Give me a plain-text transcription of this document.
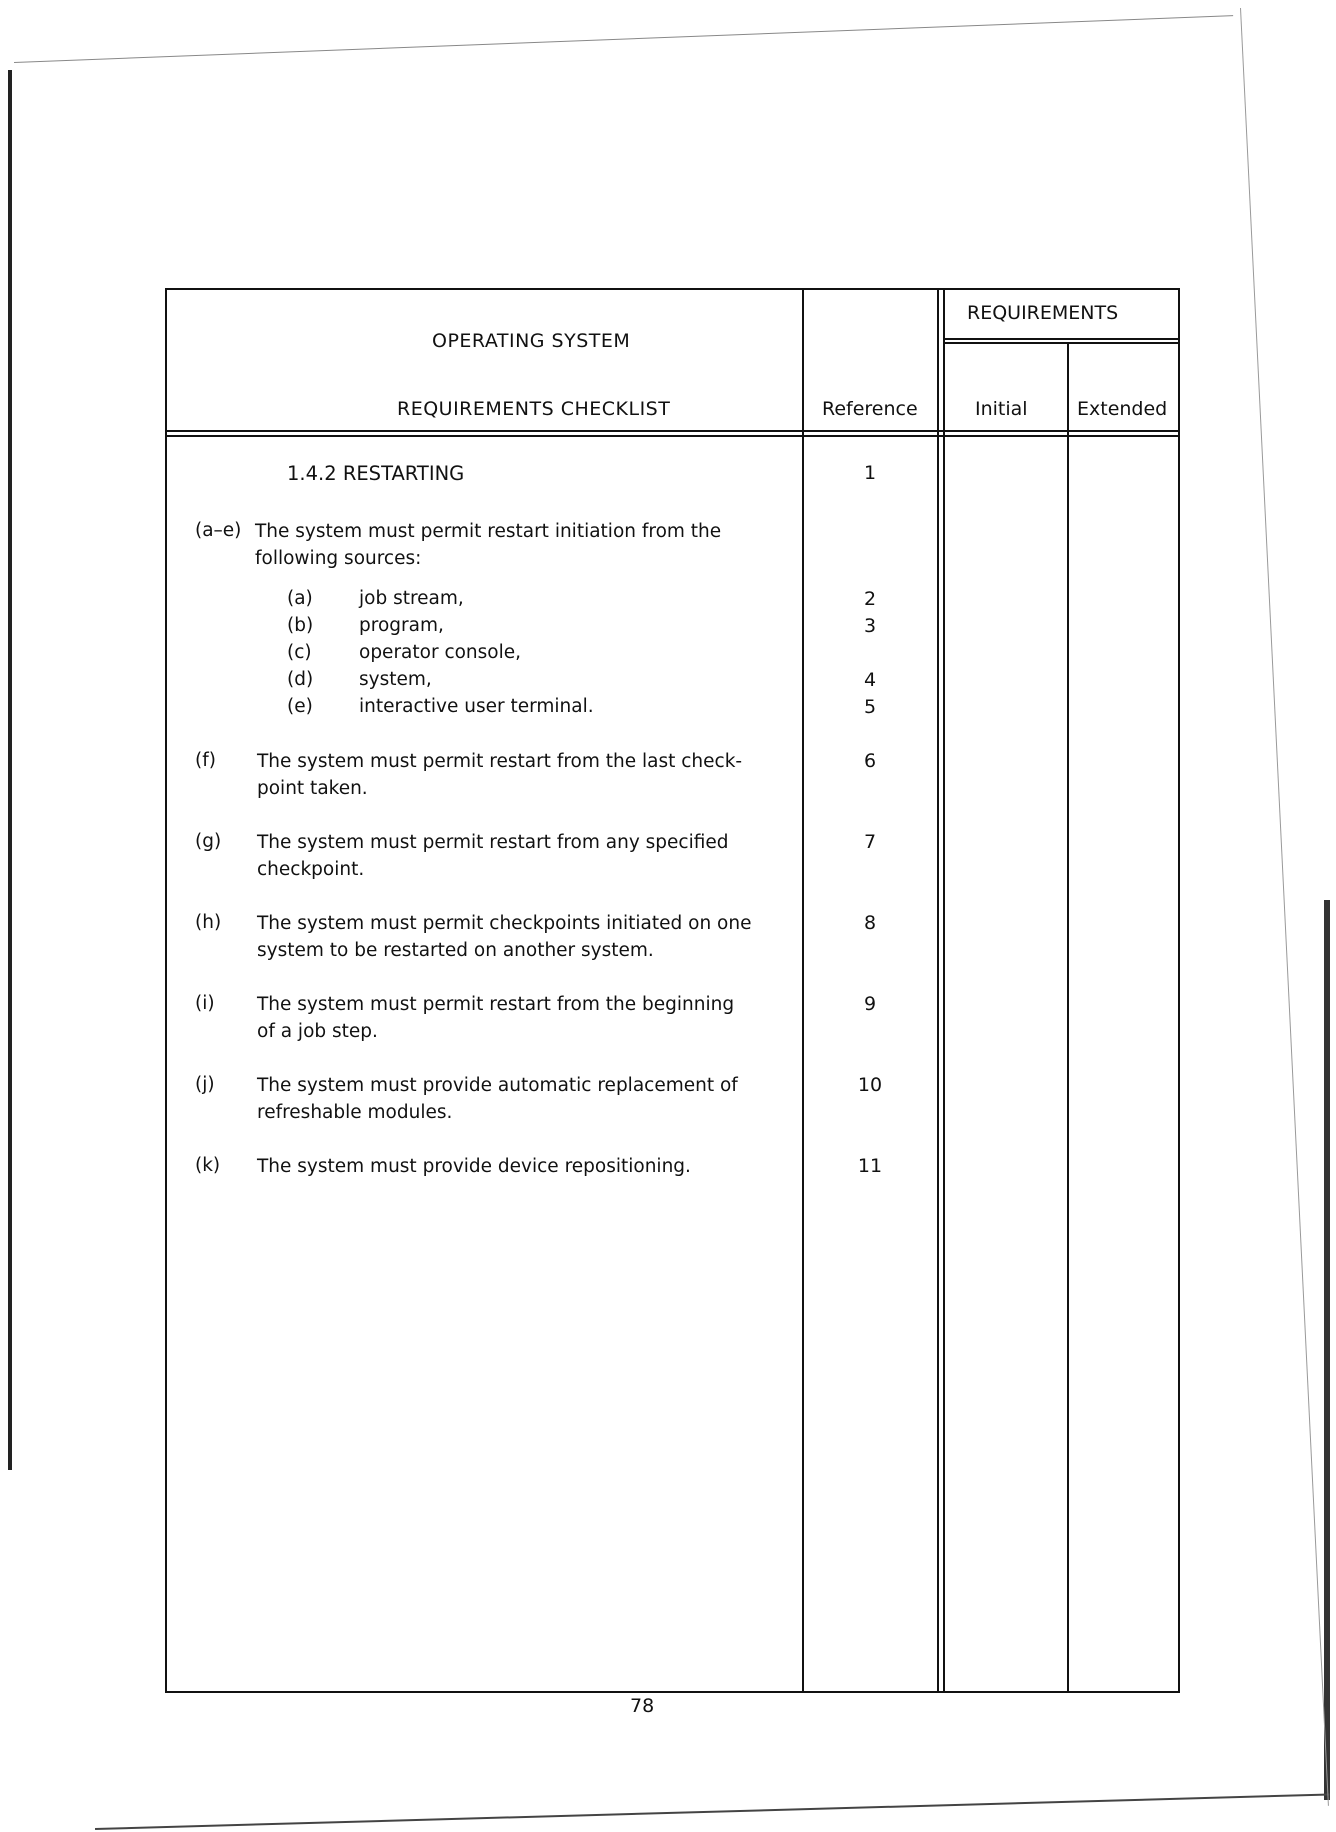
OPERATING SYSTEM
REQUIREMENTS CHECKLIST	Reference
REQUIREMENTS
Initial	Extended
1.4.2 RESTARTING	1
(a–e) The system must permit restart initiation from the
following sources:
(a) job stream,	2
(b) program,	3
(c)	operator console,
(d) system,	4
(e) interactive user terminal.	5
(f) The system must permit restart from the last check-
point taken.
6
(g) The system must permit restart from any specified
checkpoint.
7
(h) The system must permit checkpoints initiated on one
system to be restarted on another system.
8
(i) The system must permit restart from the beginning
of a job step.
9
(j) The system must provide automatic replacement of
refreshable modules.
10
(k) The system must provide device repositioning.	11
78
